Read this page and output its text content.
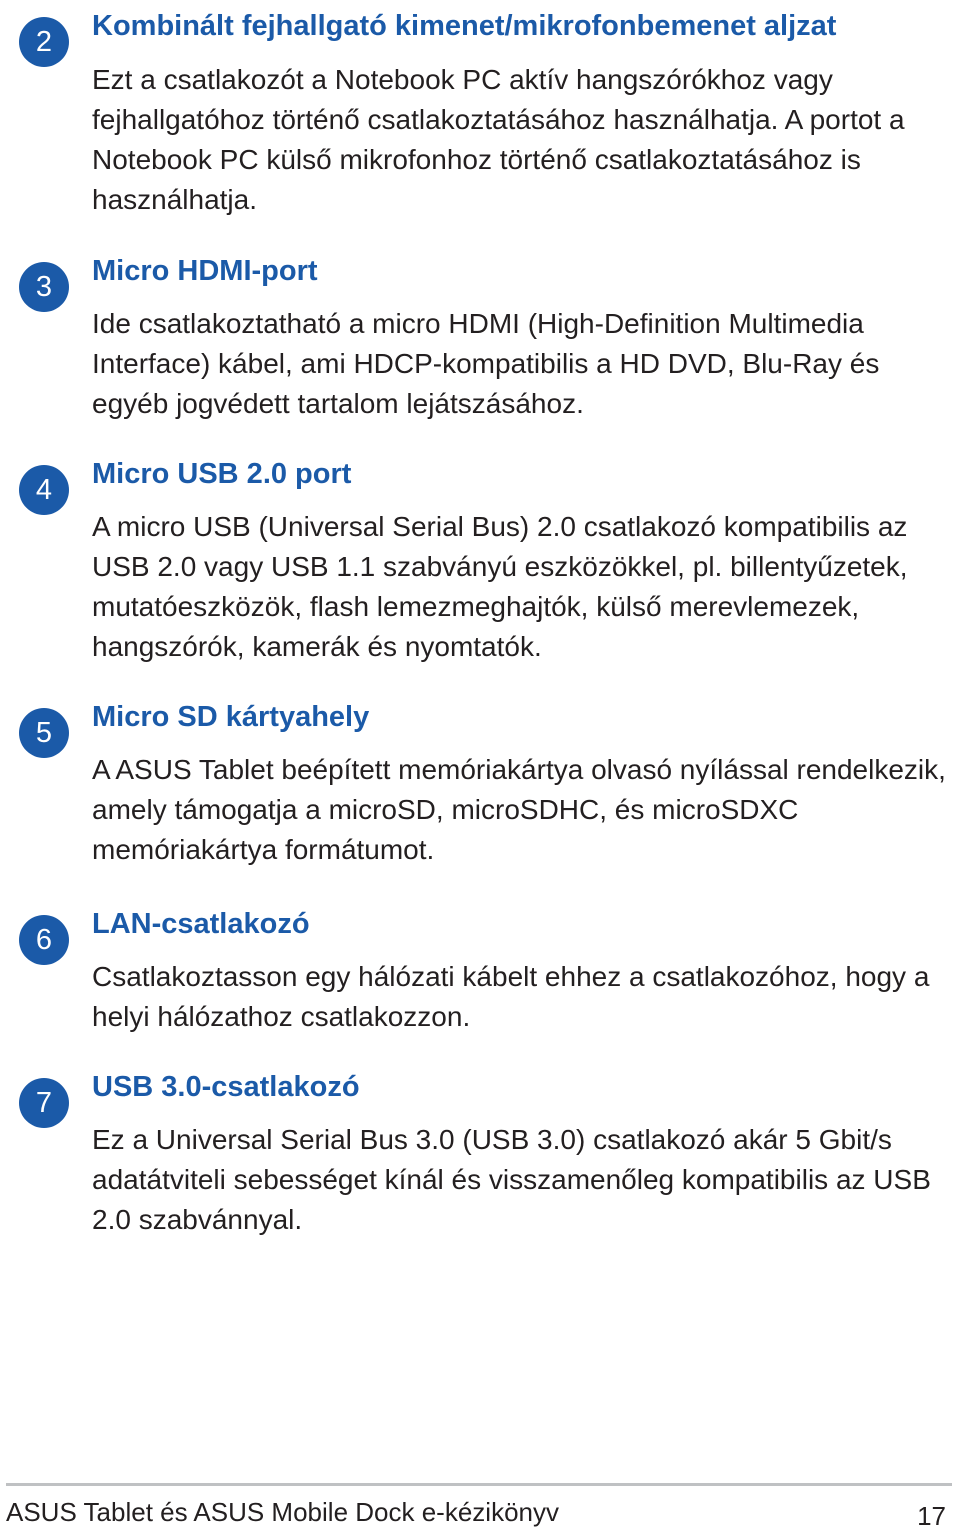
2	Kombinált fejhallgató kimenet/mikrofonbemenet aljzat

Ezt a csatlakozót a Notebook PC aktív hangszórókhoz vagy fejhallgatóhoz történő csatlakoztatásához használhatja. A portot a Notebook PC külső mikrofonhoz történő csatlakoztatásához is használhatja.

3	Micro HDMI-port

Ide csatlakoztatható a micro HDMI (High-Definition Multimedia Interface) kábel, ami HDCP-kompatibilis a HD DVD, Blu-Ray és egyéb jogvédett tartalom lejátszásához.

4	Micro USB 2.0 port

A micro USB (Universal Serial Bus) 2.0 csatlakozó kompatibilis az USB 2.0 vagy USB 1.1 szabványú eszközökkel, pl. billentyűzetek, mutatóeszközök, flash lemezmeghajtók, külső merevlemezek, hangszórók, kamerák és nyomtatók.

5	Micro SD kártyahely

A ASUS Tablet beépített memóriakártya olvasó nyílással rendelkezik, amely támogatja a microSD, microSDHC, és microSDXC memóriakártya formátumot.

6	LAN-csatlakozó

Csatlakoztasson egy hálózati kábelt ehhez a csatlakozóhoz, hogy a helyi hálózathoz csatlakozzon.

7	USB 3.0-csatlakozó

Ez a Universal Serial Bus 3.0 (USB 3.0) csatlakozó akár 5 Gbit/s adatátviteli sebességet kínál és visszamenőleg kompatibilis az USB 2.0 szabvánnyal.

ASUS Tablet és ASUS Mobile Dock e-kézikönyv	17
